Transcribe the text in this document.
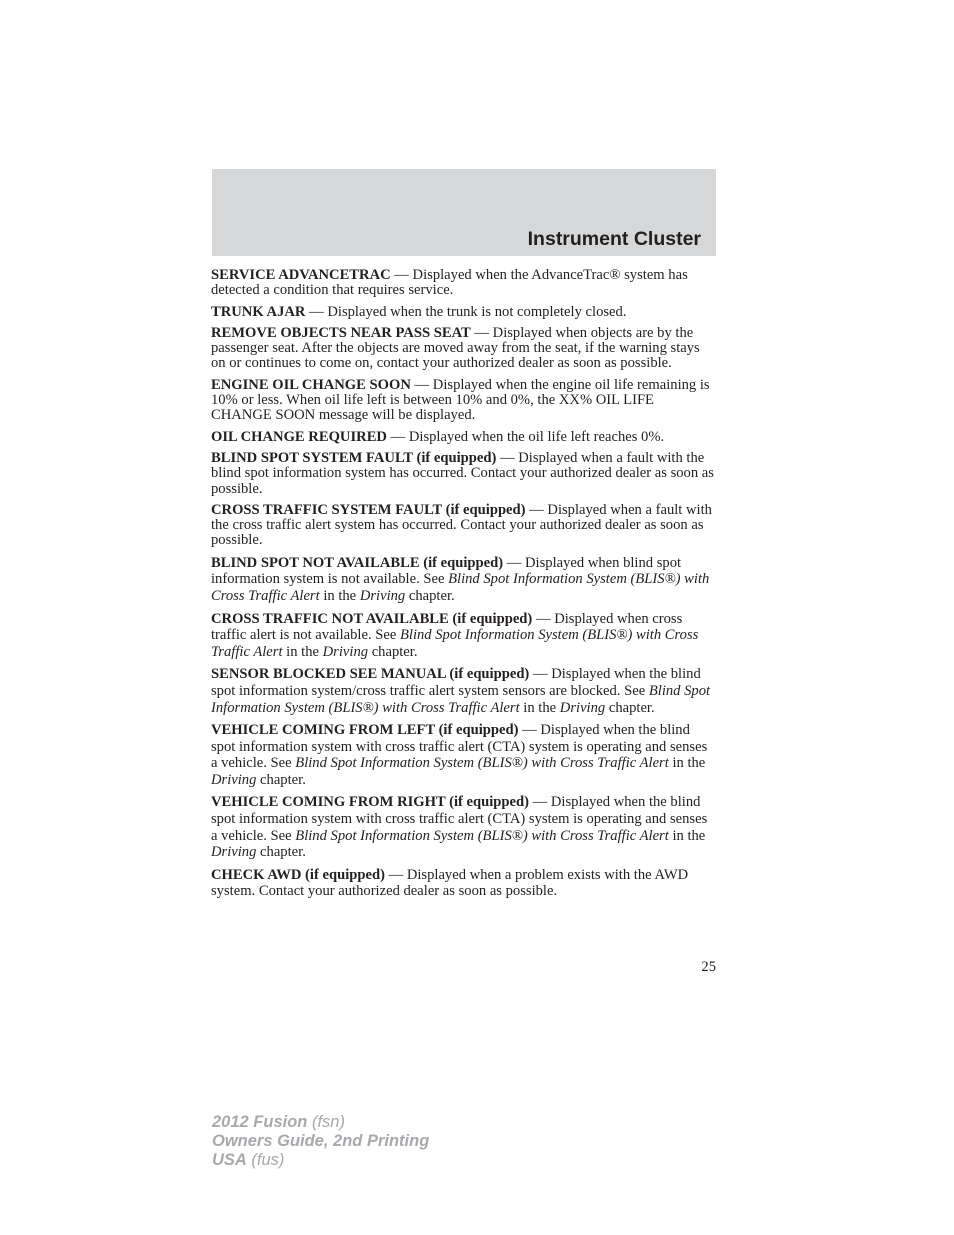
Instrument Cluster

SERVICE ADVANCETRAC — Displayed when the AdvanceTrac® system has detected a condition that requires service.

TRUNK AJAR — Displayed when the trunk is not completely closed.

REMOVE OBJECTS NEAR PASS SEAT — Displayed when objects are by the passenger seat. After the objects are moved away from the seat, if the warning stays on or continues to come on, contact your authorized dealer as soon as possible.

ENGINE OIL CHANGE SOON — Displayed when the engine oil life remaining is 10% or less. When oil life left is between 10% and 0%, the XX% OIL LIFE CHANGE SOON message will be displayed.

OIL CHANGE REQUIRED — Displayed when the oil life left reaches 0%.

BLIND SPOT SYSTEM FAULT (if equipped) — Displayed when a fault with the blind spot information system has occurred. Contact your authorized dealer as soon as possible.

CROSS TRAFFIC SYSTEM FAULT (if equipped) — Displayed when a fault with the cross traffic alert system has occurred. Contact your authorized dealer as soon as possible.

BLIND SPOT NOT AVAILABLE (if equipped) — Displayed when blind spot information system is not available. See Blind Spot Information System (BLIS®) with Cross Traffic Alert in the Driving chapter.

CROSS TRAFFIC NOT AVAILABLE (if equipped) — Displayed when cross traffic alert is not available. See Blind Spot Information System (BLIS®) with Cross Traffic Alert in the Driving chapter.

SENSOR BLOCKED SEE MANUAL (if equipped) — Displayed when the blind spot information system/cross traffic alert system sensors are blocked. See Blind Spot Information System (BLIS®) with Cross Traffic Alert in the Driving chapter.

VEHICLE COMING FROM LEFT (if equipped) — Displayed when the blind spot information system with cross traffic alert (CTA) system is operating and senses a vehicle. See Blind Spot Information System (BLIS®) with Cross Traffic Alert in the Driving chapter.

VEHICLE COMING FROM RIGHT (if equipped) — Displayed when the blind spot information system with cross traffic alert (CTA) system is operating and senses a vehicle. See Blind Spot Information System (BLIS®) with Cross Traffic Alert in the Driving chapter.

CHECK AWD (if equipped) — Displayed when a problem exists with the AWD system. Contact your authorized dealer as soon as possible.

25
2012 Fusion (fsn)
Owners Guide, 2nd Printing
USA (fus)
